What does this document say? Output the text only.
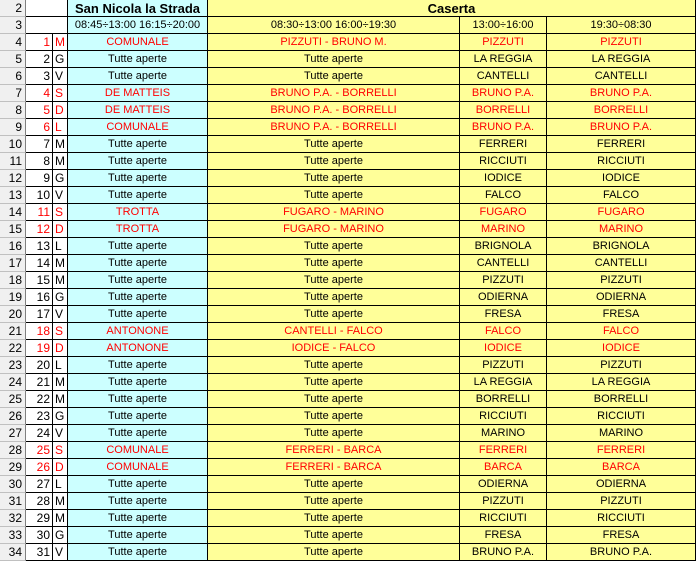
2	San Nicola la Strada	Caserta
3	08:45÷13:00 16:15÷20:00	08:30÷13:00 16:00÷19:30	13:00÷16:00	19:30÷08:30
4	1 M	COMUNALE	PIZZUTI - BRUNO M.	PIZZUTI	PIZZUTI
5	2 G	Tutte aperte	Tutte aperte	LA REGGIA	LA REGGIA
6	3 V	Tutte aperte	Tutte aperte	CANTELLI	CANTELLI
7	4 S	DE MATTEIS	BRUNO P.A. - BORRELLI	BRUNO P.A.	BRUNO P.A.
8	5 D	DE MATTEIS	BRUNO P.A. - BORRELLI	BORRELLI	BORRELLI
9	6 L	COMUNALE	BRUNO P.A. - BORRELLI	BRUNO P.A.	BRUNO P.A.
10	7 M	Tutte aperte	Tutte aperte	FERRERI	FERRERI
11	8 M	Tutte aperte	Tutte aperte	RICCIUTI	RICCIUTI
12	9 G	Tutte aperte	Tutte aperte	IODICE	IODICE
13	10 V	Tutte aperte	Tutte aperte	FALCO	FALCO
14	11 S	TROTTA	FUGARO - MARINO	FUGARO	FUGARO
15	12 D	TROTTA	FUGARO - MARINO	MARINO	MARINO
16	13 L	Tutte aperte	Tutte aperte	BRIGNOLA	BRIGNOLA
17	14 M	Tutte aperte	Tutte aperte	CANTELLI	CANTELLI
18	15 M	Tutte aperte	Tutte aperte	PIZZUTI	PIZZUTI
19	16 G	Tutte aperte	Tutte aperte	ODIERNA	ODIERNA
20	17 V	Tutte aperte	Tutte aperte	FRESA	FRESA
21	18 S	ANTONONE	CANTELLI - FALCO	FALCO	FALCO
22	19 D	ANTONONE	IODICE - FALCO	IODICE	IODICE
23	20 L	Tutte aperte	Tutte aperte	PIZZUTI	PIZZUTI
24	21 M	Tutte aperte	Tutte aperte	LA REGGIA	LA REGGIA
25	22 M	Tutte aperte	Tutte aperte	BORRELLI	BORRELLI
26	23 G	Tutte aperte	Tutte aperte	RICCIUTI	RICCIUTI
27	24 V	Tutte aperte	Tutte aperte	MARINO	MARINO
28	25 S	COMUNALE	FERRERI - BARCA	FERRERI	FERRERI
29	26 D	COMUNALE	FERRERI - BARCA	BARCA	BARCA
30	27 L	Tutte aperte	Tutte aperte	ODIERNA	ODIERNA
31	28 M	Tutte aperte	Tutte aperte	PIZZUTI	PIZZUTI
32	29 M	Tutte aperte	Tutte aperte	RICCIUTI	RICCIUTI
33	30 G	Tutte aperte	Tutte aperte	FRESA	FRESA
34	31 V	Tutte aperte	Tutte aperte	BRUNO P.A.	BRUNO P.A.
